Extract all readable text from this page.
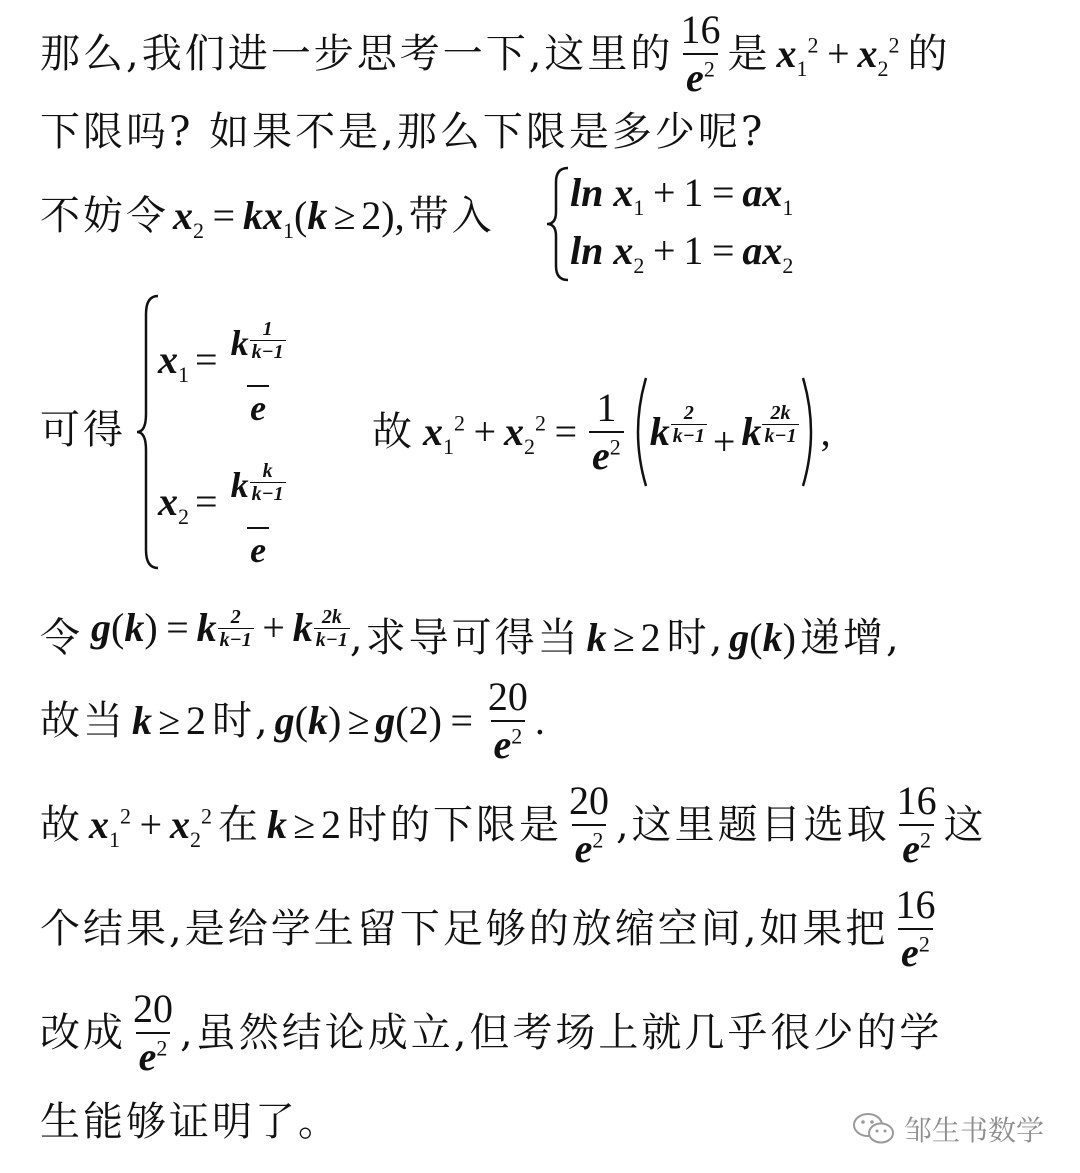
那么,我们进一步思考一下,这里的 $\frac{16}{e^2}$ 是 $x_1^2 + x_2^2$ 的
下限吗? 如果不是,那么下限是多少呢?
不妨令 $x_2 = kx_1(k \ge 2)$, 带入
$\ln x_1 + 1 = ax_1$
$\ln x_2 + 1 = ax_2$
可得
$x_1 = \frac{k \frac{1}{k-1}}{e}$
$x_2 = \frac{k \frac{k}{k-1}}{e}$
故 $x_1^2 + x_2^2 = \frac{1}{e^2}$ k $\frac{2}{k-1} + k \frac{2k}{k-1}$ ,
令 g(k) = k $\frac{2}{k-1} + k \frac{2k}{k-1}$ ,求导可得当 k ≥ 2 时, g(k) 递增,
故当 k ≥ 2 时, $g(k) \ge g(2) = \frac{20}{e^2}$ .
故 $x_1^2 + x_2^2$ 在 k ≥ 2 时的下限是 $\frac{20}{e^2}$ ,这里题目选取 $\frac{16}{e^2}$ 这
个结果,是给学生留下足够的放缩空间,如果把 $\frac{16}{e^2}$
改成 $\frac{20}{e^2}$ ,虽然结论成立,但考场上就几乎很少的学
生能够证明了。	邹生书数学
